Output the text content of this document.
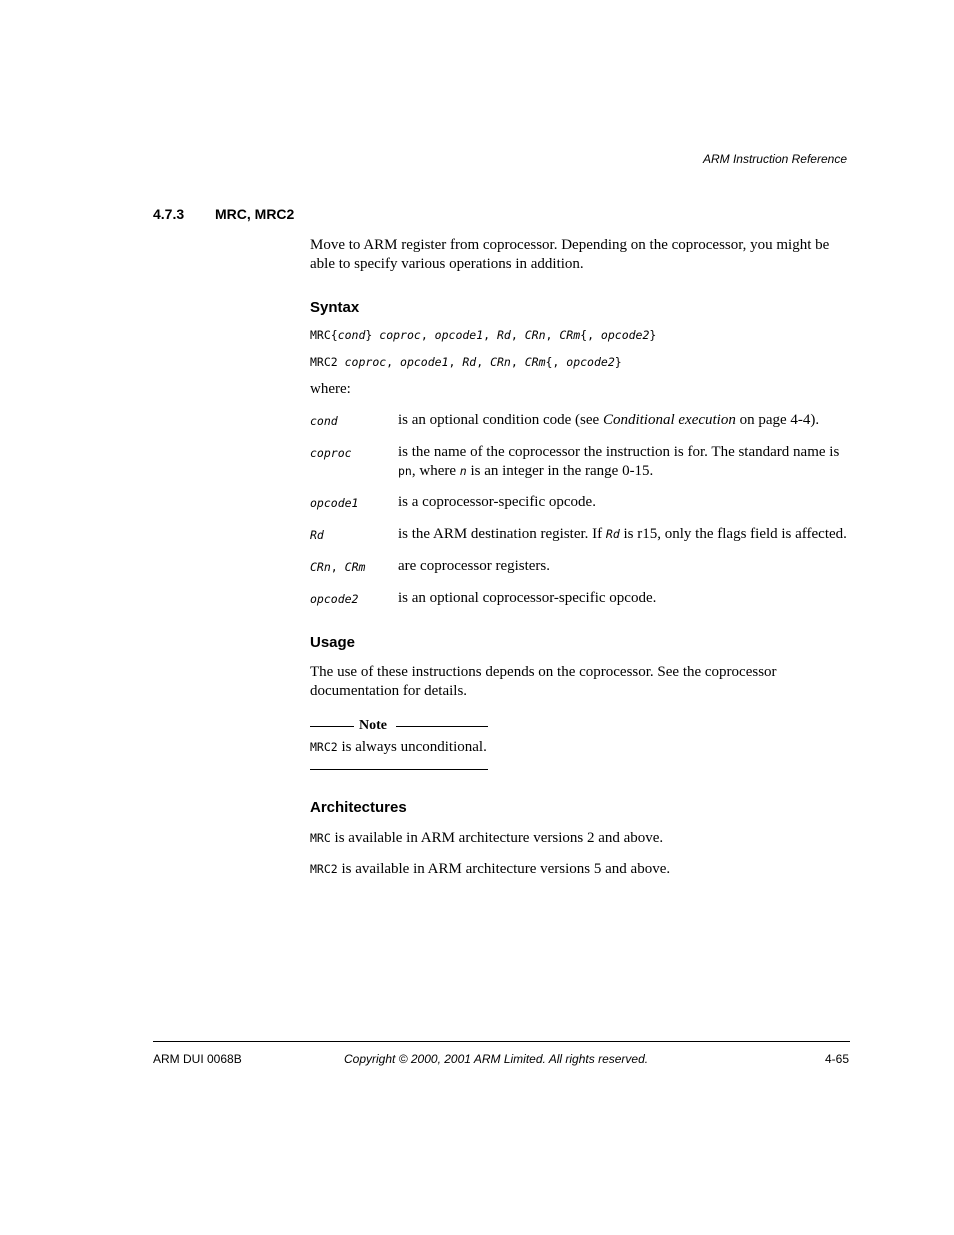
ARM Instruction Reference
4.7.3 MRC, MRC2

Move to ARM register from coprocessor. Depending on the coprocessor, you might be able to specify various operations in addition.

Syntax

MRC{cond} coproc, opcode1, Rd, CRn, CRm{, opcode2}

MRC2 coproc, opcode1, Rd, CRn, CRm{, opcode2}

where:

cond	is an optional condition code (see Conditional execution on page 4-4).
coproc	is the name of the coprocessor the instruction is for. The standard name is pn, where n is an integer in the range 0-15.
opcode1	is a coprocessor-specific opcode.
Rd	is the ARM destination register. If Rd is r15, only the flags field is affected.
CRn, CRm	are coprocessor registers.
opcode2	is an optional coprocessor-specific opcode.

Usage

The use of these instructions depends on the coprocessor. See the coprocessor documentation for details.

Note

MRC2 is always unconditional.

Architectures

MRC is available in ARM architecture versions 2 and above.

MRC2 is available in ARM architecture versions 5 and above.

ARM DUI 0068B	Copyright © 2000, 2001 ARM Limited. All rights reserved.	4-65
